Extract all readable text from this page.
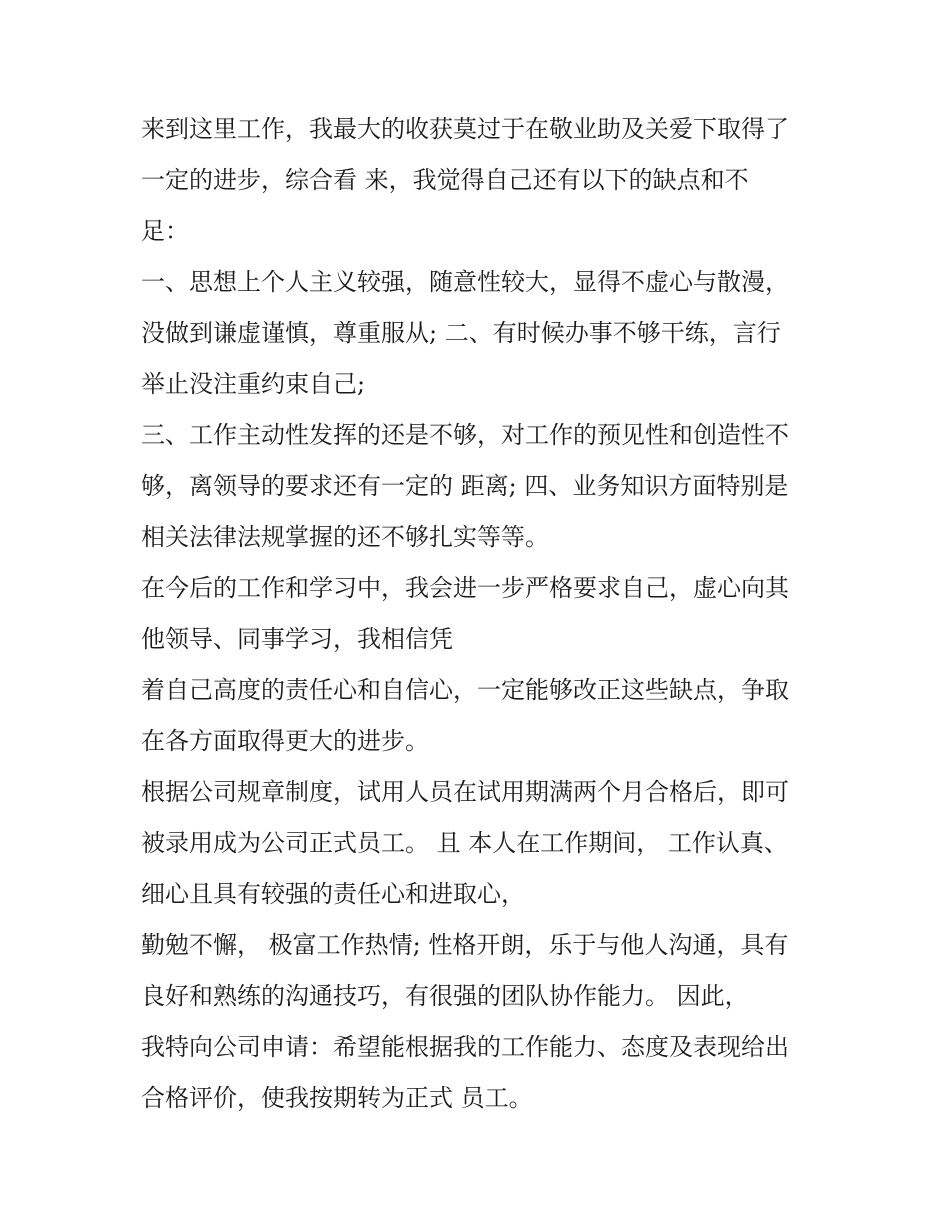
来到这里工作，我最大的收获莫过于在敬业助及关爱下取得了
一定的进步，综合看 来，我觉得自己还有以下的缺点和不
足：
一、思想上个人主义较强，随意性较大，显得不虚心与散漫，
没做到谦虚谨慎，尊重服从; 二、有时候办事不够干练，言行
举止没注重约束自己;
三、工作主动性发挥的还是不够，对工作的预见性和创造性不
够，离领导的要求还有一定的 距离; 四、业务知识方面特别是
相关法律法规掌握的还不够扎实等等。
在今后的工作和学习中，我会进一步严格要求自己，虚心向其
他领导、同事学习，我相信凭
着自己高度的责任心和自信心，一定能够改正这些缺点，争取
在各方面取得更大的进步。
根据公司规章制度，试用人员在试用期满两个月合格后，即可
被录用成为公司正式员工。 且 本人在工作期间， 工作认真、
细心且具有较强的责任心和进取心，
勤勉不懈， 极富工作热情; 性格开朗，乐于与他人沟通，具有
良好和熟练的沟通技巧，有很强的团队协作能力。 因此，
我特向公司申请：希望能根据我的工作能力、态度及表现给出
合格评价，使我按期转为正式 员工。
